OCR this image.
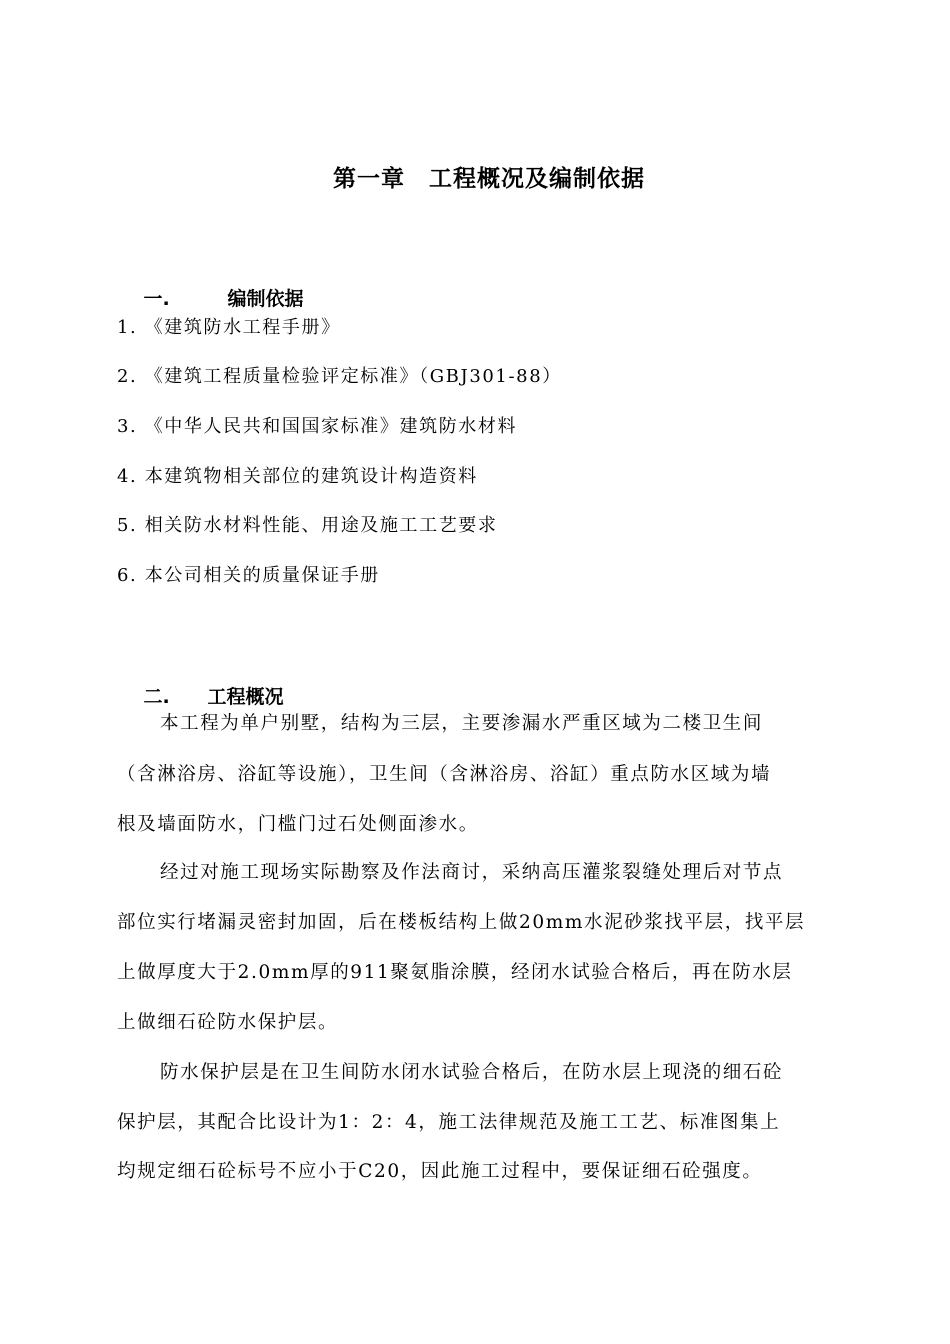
第一章　工程概况及编制依据

一.	编制依据

1. 《建筑防水工程手册》
2. 《建筑工程质量检验评定标准》（GBJ301-88）
3. 《中华人民共和国国家标准》建筑防水材料
4. 本建筑物相关部位的建筑设计构造资料
5. 相关防水材料性能、用途及施工工艺要求
6. 本公司相关的质量保证手册

二. 工程概况

本工程为单户别墅，结构为三层，主要渗漏水严重区域为二楼卫生间
（含淋浴房、浴缸等设施），卫生间（含淋浴房、浴缸）重点防水区域为墙
根及墙面防水，门槛门过石处侧面渗水。
经过对施工现场实际勘察及作法商讨，采纳高压灌浆裂缝处理后对节点
部位实行堵漏灵密封加固，后在楼板结构上做20mm水泥砂浆找平层，找平层
上做厚度大于2.0mm厚的911聚氨脂涂膜，经闭水试验合格后，再在防水层
上做细石砼防水保护层。
防水保护层是在卫生间防水闭水试验合格后，在防水层上现浇的细石砼
保护层，其配合比设计为1：2：4，施工法律规范及施工工艺、标准图集上
均规定细石砼标号不应小于C20，因此施工过程中，要保证细石砼强度。
